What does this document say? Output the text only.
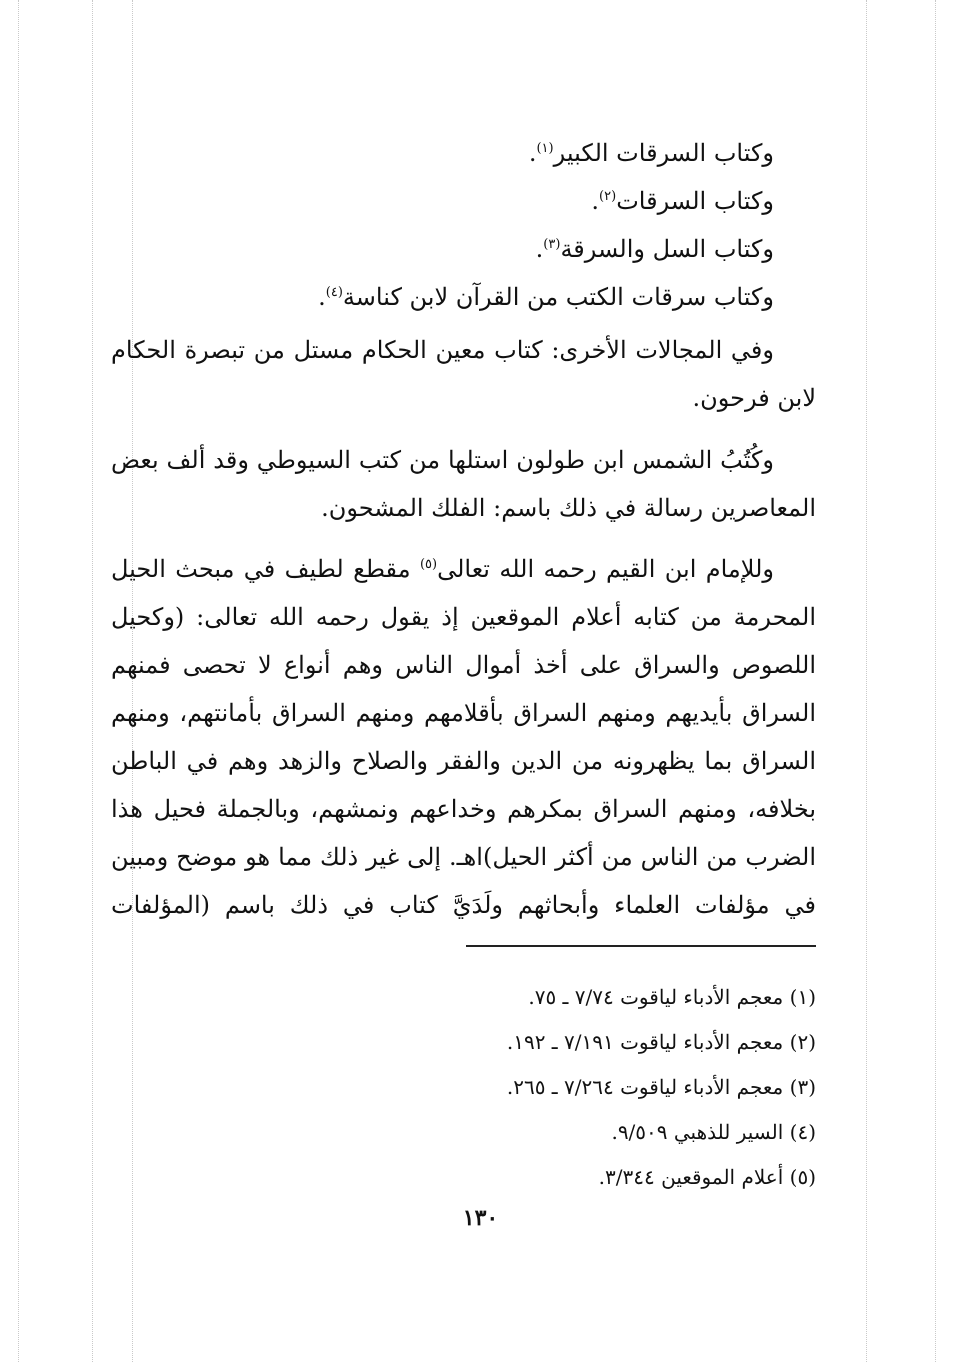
وكتاب السرقات الكبير$^{(١)}$.
وكتاب السرقات$^{(٢)}$.
وكتاب السل والسرقة$^{(٣)}$.
وكتاب سرقات الكتب من القرآن لابن كناسة$^{(٤)}$.
وفي المجالات الأخرى: كتاب معين الحكام مستل من تبصرة الحكام
لابن فرحون.
وكُتُبُ الشمس ابن طولون استلها من كتب السيوطي وقد ألف بعض
المعاصرين رسالة في ذلك باسم: الفلك المشحون.
وللإمام ابن القيم رحمه الله تعالى$^{(٥)}$ مقطع لطيف في مبحث الحيل
المحرمة من كتابه أعلام الموقعين إذ يقول رحمه الله تعالى: (وكحيل
اللصوص والسراق على أخذ أموال الناس وهم أنواع لا تحصى فمنهم
السراق بأيديهم ومنهم السراق بأقلامهم ومنهم السراق بأمانتهم، ومنهم
السراق بما يظهرونه من الدين والفقر والصلاح والزهد وهم في الباطن
بخلافه، ومنهم السراق بمكرهم وخداعهم ونمشهم، وبالجملة فحيل هذا
الضرب من الناس من أكثر الحيل)اهـ. إلى غير ذلك مما هو موضح ومبين
في مؤلفات العلماء وأبحاثهم ولَدَيَّ كتاب في ذلك باسم (المؤلفات
(١) معجم الأدباء لياقوت ٧/٧٤ ـ ٧٥.
(٢) معجم الأدباء لياقوت ٧/١٩١ ـ ١٩٢.
(٣) معجم الأدباء لياقوت ٧/٢٦٤ ـ ٢٦٥.
(٤) السير للذهبي ٩/٥٠٩.
(٥) أعلام الموقعين ٣/٣٤٤.
١٣٠
